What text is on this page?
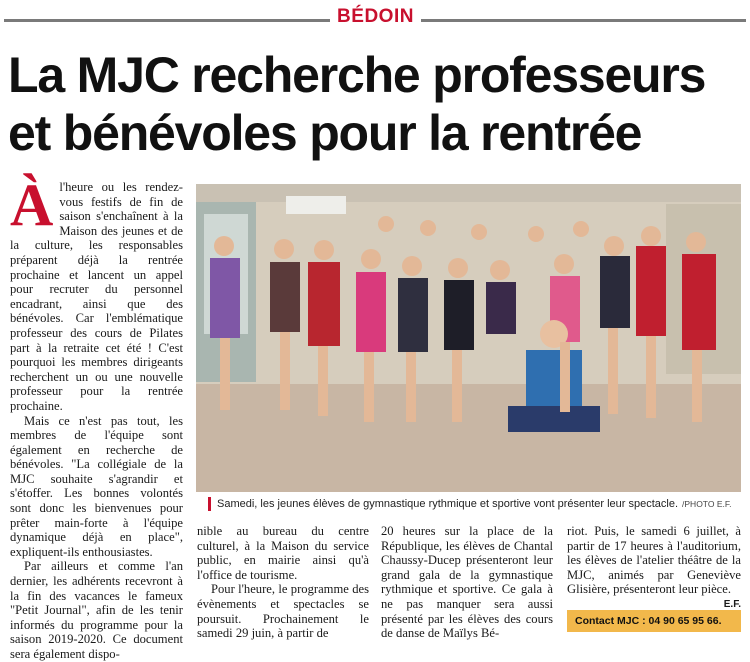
BÉDOIN
La MJC recherche professeurs
et bénévoles pour la rentrée

Àl'heure ou les rendez-vous festifs de fin de saison s'enchaînent à la Maison des jeunes et de la culture, les responsables préparent déjà la rentrée prochaine et lancent un appel pour recruter du personnel encadrant, ainsi que des bénévoles. Car l'emblématique professeur des cours de Pilates part à la retraite cet été ! C'est pourquoi les membres dirigeants recherchent un ou une nouvelle professeur pour la rentrée prochaine.

Mais ce n'est pas tout, les membres de l'équipe sont également en recherche de bénévoles. "La collégiale de la MJC souhaite s'agrandir et s'étoffer. Les bonnes volontés sont donc les bienvenues pour prêter main-forte à l'équipe dynamique déjà en place", expliquent-ils enthousiastes.

Par ailleurs et comme l'an dernier, les adhérents recevront à la fin des vacances le fameux "Petit Journal", afin de les tenir informés du programme pour la saison 2019-2020. Ce document sera également dispo-

Samedi, les jeunes élèves de gymnastique rythmique et sportive vont présenter leur spectacle. /PHOTO E.F.

nible au bureau du centre culturel, à la Maison du service public, en mairie ainsi qu'à l'office de tourisme.

Pour l'heure, le programme des évènements et spectacles se poursuit. Prochainement le samedi 29 juin, à partir de

20 heures sur la place de la République, les élèves de Chantal Chaussy-Ducep présenteront leur grand gala de la gymnastique rythmique et sportive. Ce gala à ne pas manquer sera aussi présenté par les élèves des cours de danse de Maïlys Bé-

riot. Puis, le samedi 6 juillet, à partir de 17 heures à l'auditorium, les élèves de l'atelier théâtre de la MJC, animés par Geneviève Glisière, présenteront leur pièce.

E.F.
Contact MJC : 04 90 65 95 66.
